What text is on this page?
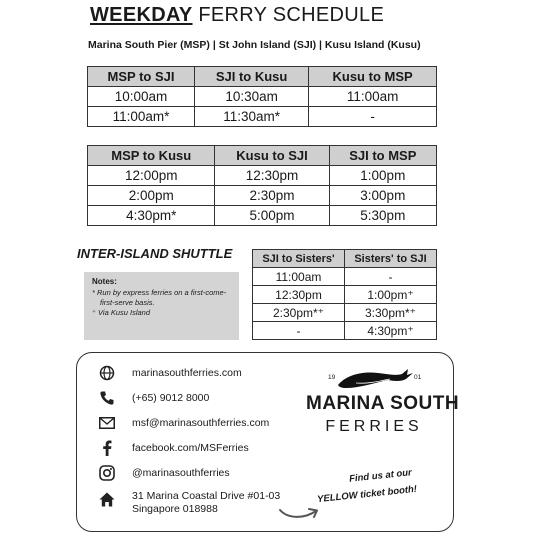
WEEKDAY FERRY SCHEDULE
Marina South Pier (MSP) | St John Island (SJI) | Kusu Island (Kusu)
MSP to SJI	SJI to Kusu	Kusu to MSP
10:00am	10:30am	11:00am
11:00am*	11:30am*	-
MSP to Kusu	Kusu to SJI	SJI to MSP
12:00pm	12:30pm	1:00pm
2:00pm	2:30pm	3:00pm
4:30pm*	5:00pm	5:30pm
INTER-ISLAND SHUTTLE
Notes:
* Run by express ferries on a first-come-first-serve basis.
⁺ Via Kusu Island
SJI to Sisters'	Sisters' to SJI
11:00am	-
12:30pm	1:00pm⁺
2:30pm*⁺	3:30pm*⁺
-	4:30pm⁺
marinasouthferries.com
(+65) 9012 8000
msf@marinasouthferries.com
facebook.com/MSFerries
@marinasouthferries
31 Marina Coastal Drive #01-03
Singapore 018988
19	01
MARINA SOUTH
FERRIES
Find us at our
YELLOW ticket booth!
